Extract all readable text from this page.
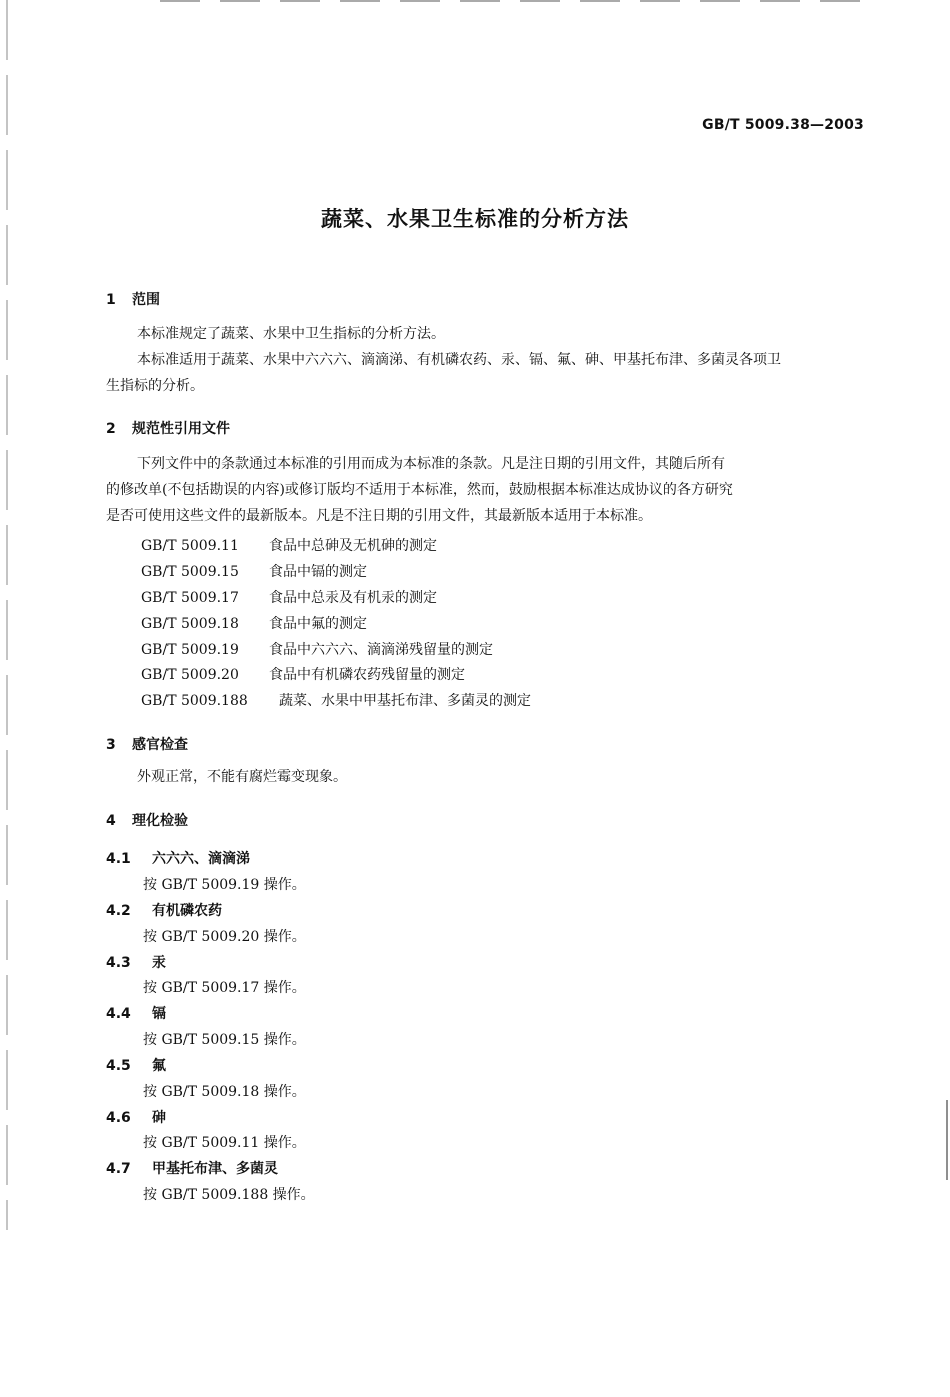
GB/T 5009.38—2003
蔬菜、水果卫生标准的分析方法
1 范围
本标准规定了蔬菜、水果中卫生指标的分析方法。
本标准适用于蔬菜、水果中六六六、滴滴涕、有机磷农药、汞、镉、氟、砷、甲基托布津、多菌灵各项卫
生指标的分析。
2 规范性引用文件
下列文件中的条款通过本标准的引用而成为本标准的条款。凡是注日期的引用文件，其随后所有
的修改单(不包括勘误的内容)或修订版均不适用于本标准，然而，鼓励根据本标准达成协议的各方研究
是否可使用这些文件的最新版本。凡是不注日期的引用文件，其最新版本适用于本标准。
GB/T 5009.11 食品中总砷及无机砷的测定
GB/T 5009.15 食品中镉的测定
GB/T 5009.17 食品中总汞及有机汞的测定
GB/T 5009.18 食品中氟的测定
GB/T 5009.19 食品中六六六、滴滴涕残留量的测定
GB/T 5009.20 食品中有机磷农药残留量的测定
GB/T 5009.188 蔬菜、水果中甲基托布津、多菌灵的测定
3 感官检查
外观正常，不能有腐烂霉变现象。
4 理化检验
4.1 六六六、滴滴涕
按 GB/T 5009.19 操作。
4.2 有机磷农药
按 GB/T 5009.20 操作。
4.3 汞
按 GB/T 5009.17 操作。
4.4 镉
按 GB/T 5009.15 操作。
4.5 氟
按 GB/T 5009.18 操作。
4.6 砷
按 GB/T 5009.11 操作。
4.7 甲基托布津、多菌灵
按 GB/T 5009.188 操作。
